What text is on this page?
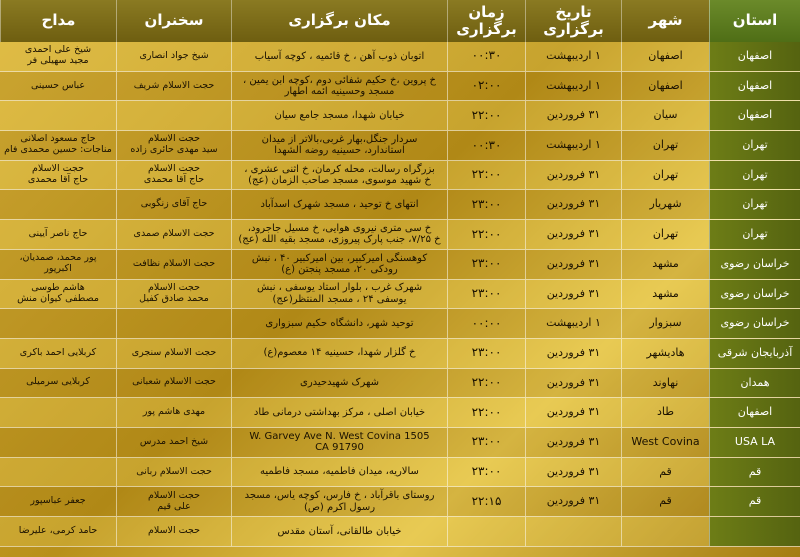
استان
شهر
تاریخ برگزاری
زمان برگزاری
مکان برگزاری
سخنران
مداح
اصفهان
اصفهان
۱ اردیبهشت
۰۰:۳۰
اتوبان ذوب آهن ، خ قائمیه ، کوچه آسیاب
شیخ جواد انصاری
شیخ علی احمدی
مجید سهیلی فر
اصفهان
اصفهان
۱ اردیبهشت
۰۲:۰۰
خ پروین ،خ حکیم شفائی دوم ،کوچه ابن یمین ،
مسجد وحسینیه ائمه اطهار
حجت الاسلام شریف
عباس حسینی
اصفهان
سیان
۳۱ فروردین
۲۲:۰۰
خیابان شهدا، مسجد جامع سیان
تهران
تهران
۱ اردیبهشت
۰۰:۳۰
سردار جنگل،بهار غربی،بالاتر از میدان
استاندارد، حسینیه روضه الشهدا
حجت الاسلام
سید مهدی حائری زاده
حاج مسعود اصلانی
مناجات: حسین محمدی فام
تهران
تهران
۳۱ فروردین
۲۲:۰۰
بزرگراه رسالت، محله کرمان، خ اثنی عشری ،
خ شهید موسوی، مسجد صاحب الزمان (عج)
حجت الاسلام
حاج آقا محمدی
حجت الاسلام
حاج آقا محمدی
تهران
شهریار
۳۱ فروردین
۲۳:۰۰
انتهای خ توحید ، مسجد شهرک اسدآباد
حاج آقای زنگوبی
تهران
تهران
۳۱ فروردین
۲۲:۰۰
خ سی متری نیروی هوایی، خ مسیل جاجرود،
خ ۷/۲۵، جنب پارک پیروزی، مسجد بقیه الله (عج)
حجت الاسلام صمدی
حاج ناصر آیینی
خراسان رضوی
مشهد
۳۱ فروردین
۲۳:۰۰
کوهسنگی امیرکبیر، بین امیرکبیر ۴۰ ، نبش
رودکی ۲۰، مسجد پنجتن (ع)
حجت الاسلام نظافت
پور محمد، صمدیان،
اکبرپور
خراسان رضوی
مشهد
۳۱ فروردین
۲۳:۰۰
شهرک غرب ، بلوار استاد یوسفی ، نبش
یوسفی ۲۴ ، مسجد المنتظر(عج)
حجت الاسلام
محمد صادق کفیل
هاشم طوسی
مصطفی کیوان منش
خراسان رضوی
سبزوار
۱ اردیبهشت
۰۰:۰۰
توحید شهر، دانشگاه حکیم سبزواری
آذربایجان شرقی
هادیشهر
۳۱ فروردین
۲۳:۰۰
خ گلزار شهدا، حسینیه ۱۴ معصوم(ع)
حجت الاسلام سنجری
کربلایی احمد باکری
همدان
نهاوند
۳۱ فروردین
۲۲:۰۰
شهرک شهیدحیدری
حجت الاسلام شعبانی
کربلایی سرمیلی
اصفهان
طاد
۳۱ فروردین
۲۲:۰۰
خیابان اصلی ، مرکز بهداشتی درمانی طاد
مهدی هاشم پور
USA LA
West Covina
۳۱ فروردین
۲۳:۰۰
W. Garvey Ave N. West Covina 1505
CA 91790
شیخ احمد مدرس
قم
قم
۳۱ فروردین
۲۳:۰۰
سالاریه، میدان فاطمیه، مسجد فاطمیه
حجت الاسلام ربانی
قم
قم
۳۱ فروردین
۲۲:۱۵
روستای باقرآباد ، خ فارس، کوچه یاس، مسجد
رسول اکرم (ص)
حجت الاسلام
علی قیم
جعفر عباسپور
خیابان طالقانی، آستان مقدس
حجت الاسلام
حامد کرمی، علیرضا
